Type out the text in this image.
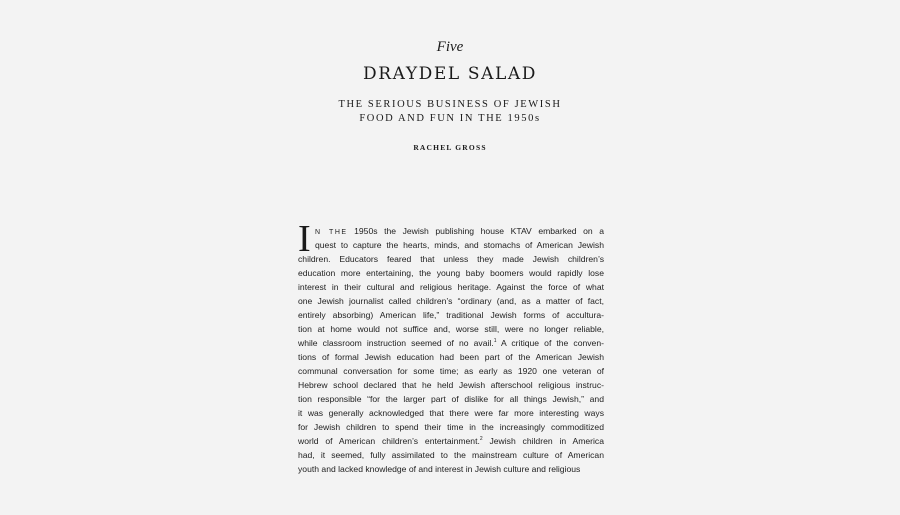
Five
DRAYDEL SALAD
THE SERIOUS BUSINESS OF JEWISH
FOOD AND FUN IN THE 1950s
RACHEL GROSS
I N THE 1950s the Jewish publishing house KTAV embarked on a
quest to capture the hearts, minds, and stomachs of American Jewish
children. Educators feared that unless they made Jewish children’s
education more entertaining, the young baby boomers would rapidly lose
interest in their cultural and religious heritage. Against the force of what
one Jewish journalist called children’s “ordinary (and, as a matter of fact,
entirely absorbing) American life,” traditional Jewish forms of accultura-
tion at home would not suffice and, worse still, were no longer reliable,
while classroom instruction seemed of no avail.$^1$ A critique of the conven-
tions of formal Jewish education had been part of the American Jewish
communal conversation for some time; as early as 1920 one veteran of
Hebrew school declared that he held Jewish afterschool religious instruc-
tion responsible “for the larger part of dislike for all things Jewish,” and
it was generally acknowledged that there were far more interesting ways
for Jewish children to spend their time in the increasingly commoditized
world of American children’s entertainment.$^2$ Jewish children in America
had, it seemed, fully assimilated to the mainstream culture of American
youth and lacked knowledge of and interest in Jewish culture and religious
